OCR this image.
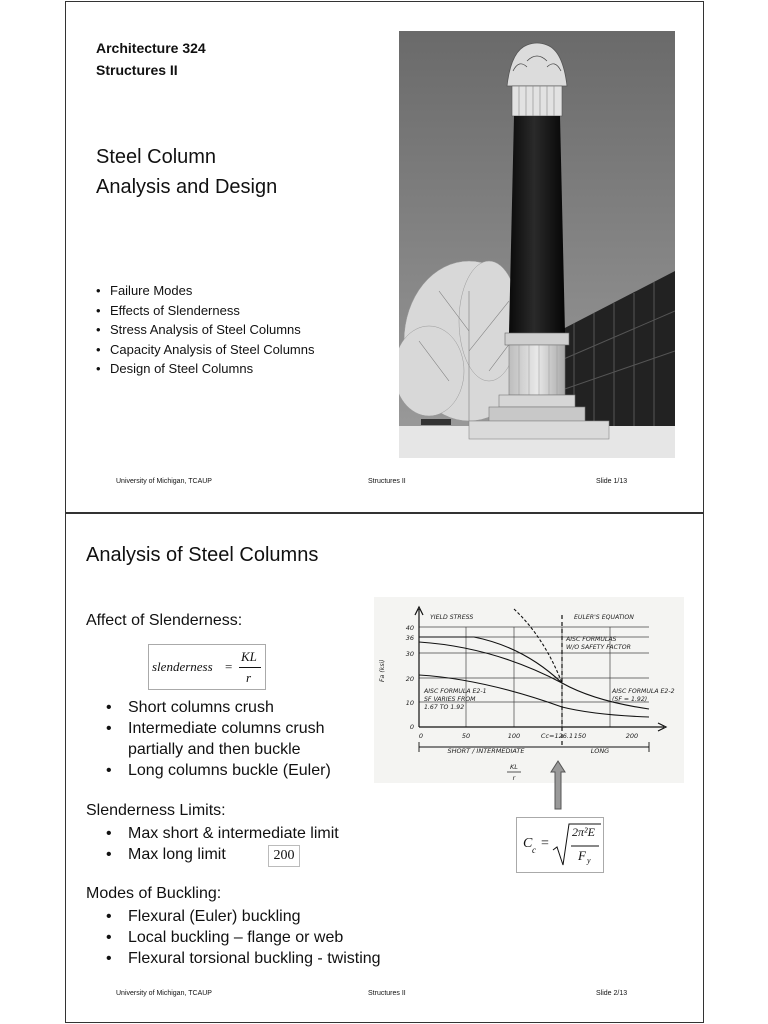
Architecture 324
Structures II
Steel Column
Analysis and Design
• Failure Modes
• Effects of Slenderness
• Stress Analysis of Steel Columns
• Capacity Analysis of Steel Columns
• Design of Steel Columns
University of Michigan, TCAUP	Structures II	Slide 1/13
Analysis of Steel Columns
Affect of Slenderness:
slenderness =
KL
r
• Short columns crush
• Intermediate columns crush
partially and then buckle
• Long columns buckle (Euler)
Slenderness Limits:
• Max short & intermediate limit
• Max long limit	200
Modes of Buckling:
• Flexural (Euler) buckling
• Local buckling – flange or web
• Flexural torsional buckling - twisting
YIELD STRESS	EULER'S EQUATION
AISC FORMULAS
W/O SAFETY FACTOR
AISC FORMULA E2-1
SF VARIES FROM
1.67 TO 1.92
AISC FORMULA E2-2
(SF = 1.92)
Fa (ksi)
40
36
30
20
10
0
0	50	100	Cc=126.1 150	200
SHORT / INTERMEDIATE	LONG
KL
r
C c =
2π²E
F y
University of Michigan, TCAUP	Structures II	Slide 2/13
